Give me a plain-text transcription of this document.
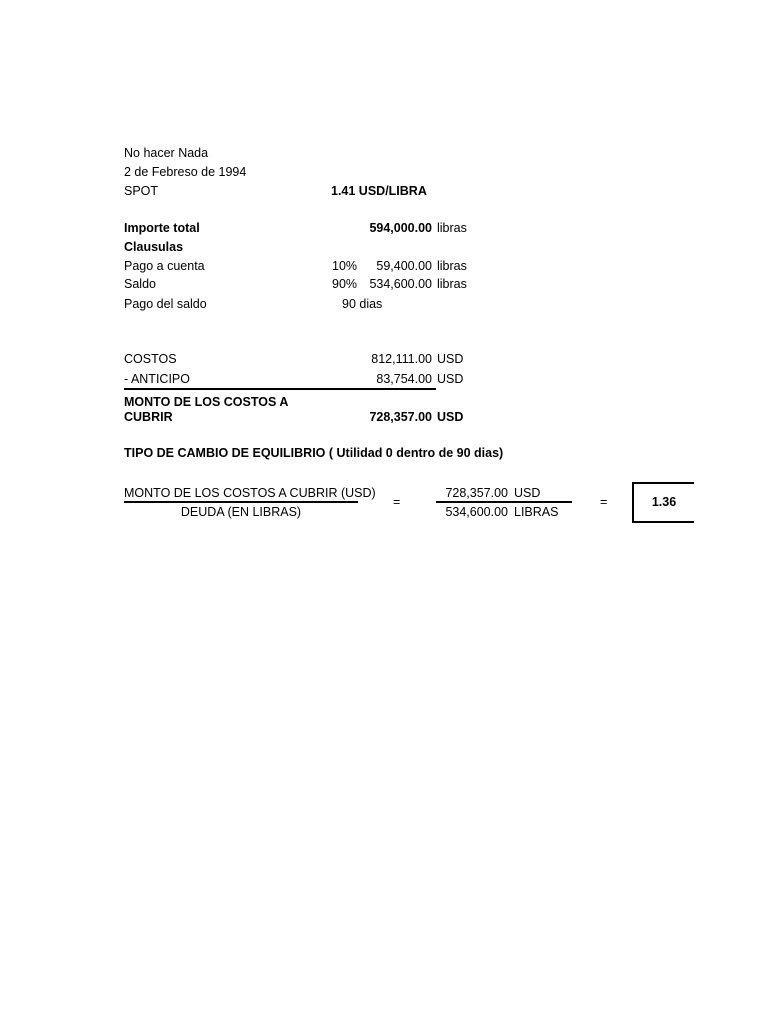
No hacer Nada
2 de Febreso de 1994
SPOT	1.41 USD/LIBRA
Importe total	594,000.00 libras
Clausulas
Pago a cuenta	10%	59,400.00 libras
Saldo	90% 534,600.00 libras
Pago del saldo	90 dias
COSTOS	812,111.00 USD
- ANTICIPO	83,754.00 USD
MONTO DE LOS COSTOS A
CUBRIR	728,357.00 USD
TIPO DE CAMBIO DE EQUILIBRIO ( Utilidad 0 dentro de 90 dias)
MONTO DE LOS COSTOS A CUBRIR (USD)
DEUDA (EN LIBRAS)
=
728,357.00 USD
534,600.00 LIBRAS
=	1.36
